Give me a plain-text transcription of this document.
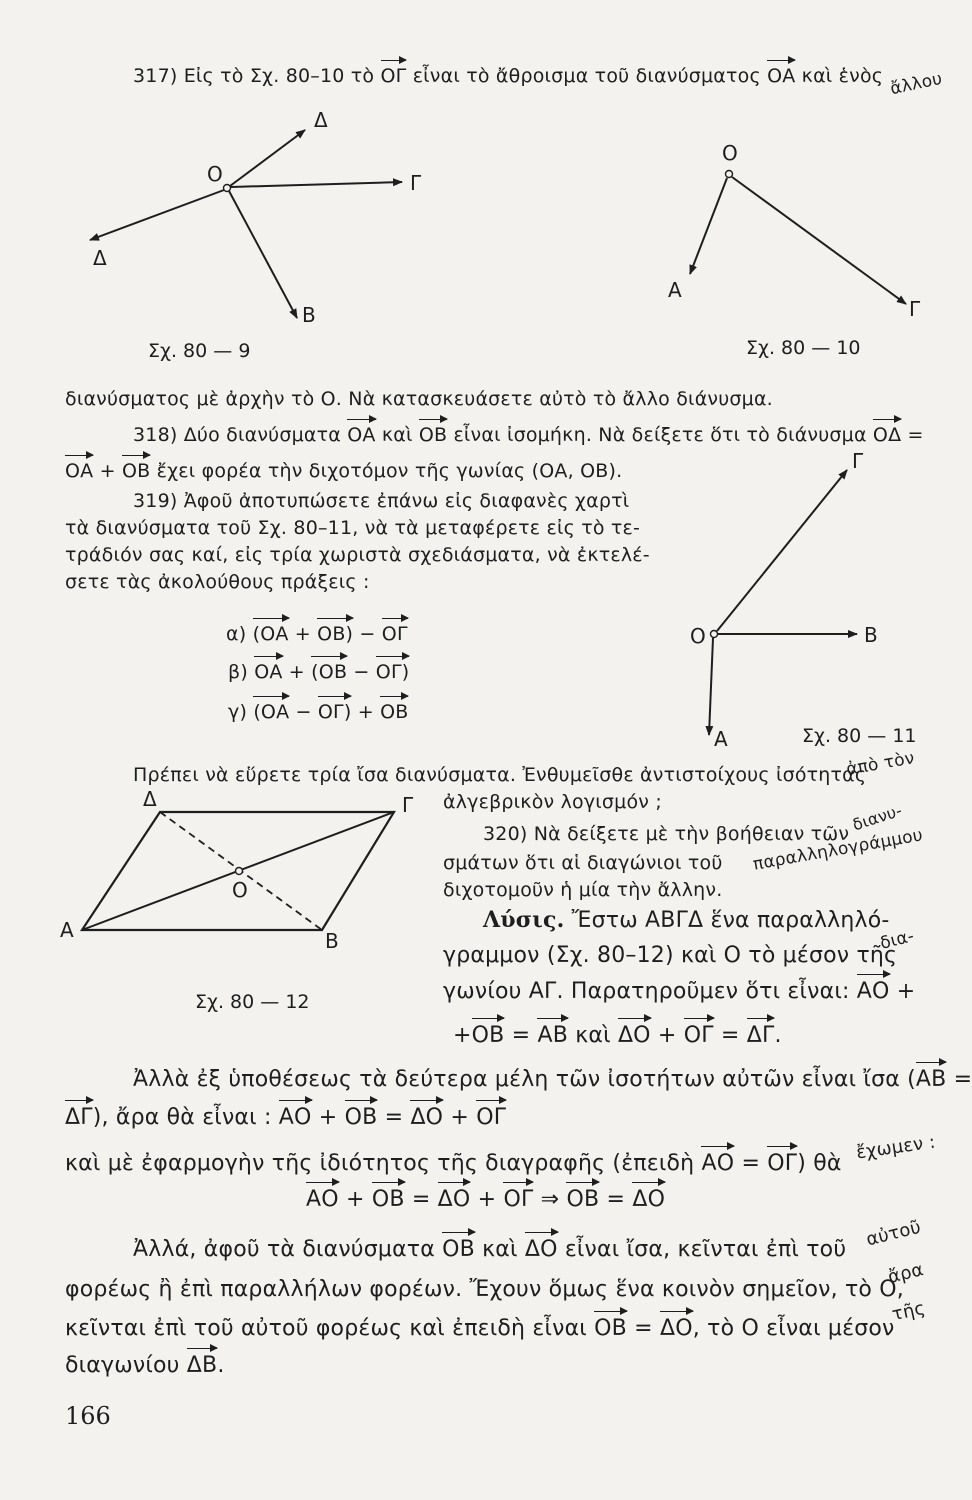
317) Εἰς τὸ Σχ. 80–10 τὸ ΟΓ εἶναι τὸ ἄθροισμα τοῦ διανύσματος ΟΑ καὶ ἑνὸς ἄλλου
Ο
Δ
Γ
Δ
Β
Σχ. 80 — 9
Ο
Α
Γ
Σχ. 80 — 10
Ο
Γ
Β
Α	Σχ. 80 — 11
Δ	Γ
Ο
Α	Β
Σχ. 80 — 12
διανύσματος μὲ ἀρχὴν τὸ Ο. Νὰ κατασκευάσετε αὐτὸ τὸ ἄλλο διάνυσμα.
318) Δύο διανύσματα ΟΑ καὶ ΟΒ εἶναι ἰσομήκη. Νὰ δείξετε ὅτι τὸ διάνυσμα ΟΔ =
ΟΑ + ΟΒ ἔχει φορέα τὴν διχοτόμον τῆς γωνίας (ΟΑ, ΟΒ).
319) Ἀφοῦ ἀποτυπώσετε ἐπάνω εἰς διαφανὲς χαρτὶ
τὰ διανύσματα τοῦ Σχ. 80–11, νὰ τὰ μεταφέρετε εἰς τὸ τε-
τράδιόν σας καί, εἰς τρία χωριστὰ σχεδιάσματα, νὰ ἐκτελέ-
σετε τὰς ἀκολούθους πράξεις :
α) (ΟΑ + ΟΒ) − ΟΓ
β) ΟΑ + (ΟΒ − ΟΓ)
γ) (ΟΑ − ΟΓ) + ΟΒ
Πρέπει νὰ εὕρετε τρία ἴσα διανύσματα. Ἐνθυμεῖσθε ἀντιστοίχους ἰσότητας
ἀπὸ τὸν
ἀλγεβρικὸν λογισμόν ;
320) Νὰ δείξετε μὲ τὴν βοήθειαν τῶν διανυ-
σμάτων ὅτι αἱ διαγώνιοι τοῦ παραλληλογράμμου
διχοτομοῦν ἡ μία τὴν ἄλλην.
Λύσις. Ἔστω ΑΒΓΔ ἕνα παραλληλό-
γραμμον (Σχ. 80–12) καὶ Ο τὸ μέσον τῆς
δια-
γωνίου ΑΓ. Παρατηροῦμεν ὅτι εἶναι: ΑΟ +
+ΟΒ = ΑΒ καὶ ΔΟ + ΟΓ = ΔΓ.
Ἀλλὰ ἐξ ὑποθέσεως τὰ δεύτερα μέλη τῶν ἰσοτήτων αὐτῶν εἶναι ἴσα (ΑΒ =
ΔΓ), ἄρα θὰ εἶναι : ΑΟ + ΟΒ = ΔΟ + ΟΓ
καὶ μὲ ἐφαρμογὴν τῆς ἰδιότητος τῆς διαγραφῆς (ἐπειδὴ ΑΟ = ΟΓ) θὰ
ἔχωμεν :
ΑΟ + ΟΒ = ΔΟ + ΟΓ ⇒ ΟΒ = ΔΟ
Ἀλλά, ἀφοῦ τὰ διανύσματα ΟΒ καὶ ΔΟ εἶναι ἴσα, κεῖνται ἐπὶ τοῦ αὐτοῦ
φορέως ἢ ἐπὶ παραλλήλων φορέων. Ἔχουν ὅμως ἕνα κοινὸν σημεῖον, τὸ Ο,
ἄρα
κεῖνται ἐπὶ τοῦ αὐτοῦ φορέως καὶ ἐπειδὴ εἶναι ΟΒ = ΔΟ, τὸ Ο εἶναι μέσον
τῆς
διαγωνίου ΔΒ.
166
